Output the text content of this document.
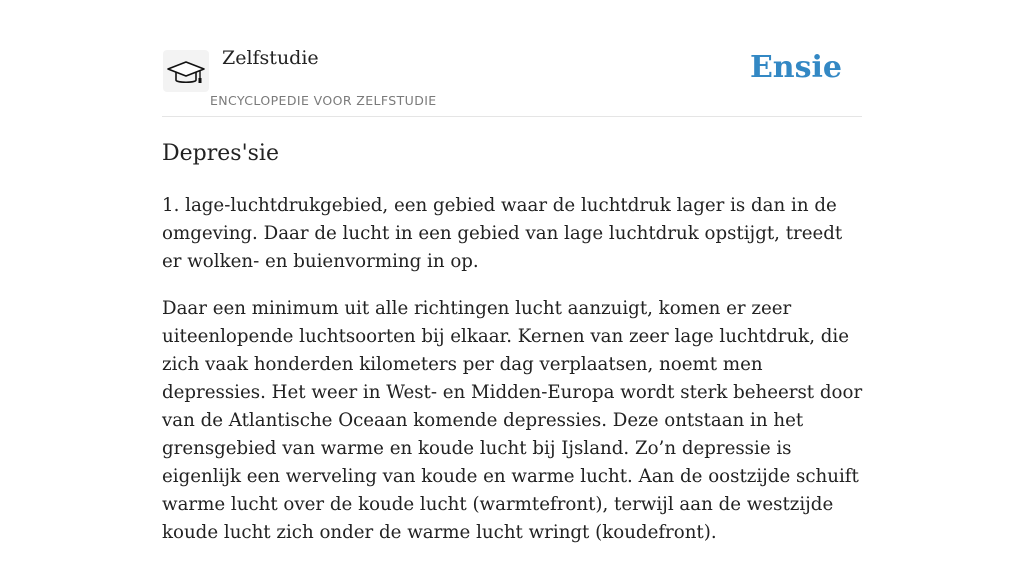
Zelfstudie
ENCYCLOPEDIE VOOR ZELFSTUDIE
Ensie
Depres'sie

1. lage-luchtdrukgebied, een gebied waar de luchtdruk lager is dan in de omgeving. Daar de lucht in een gebied van lage luchtdruk opstijgt, treedt er wolken- en buienvorming in op.

Daar een minimum uit alle richtingen lucht aanzuigt, komen er zeer uiteenlopende luchtsoorten bij elkaar. Kernen van zeer lage luchtdruk, die zich vaak honderden kilometers per dag verplaatsen, noemt men depressies. Het weer in West- en Midden-Europa wordt sterk beheerst door van de Atlantische Oceaan komende depressies. Deze ontstaan in het grensgebied van warme en koude lucht bij Ijsland. Zo’n depressie is eigenlijk een werveling van koude en warme lucht. Aan de oostzijde schuift warme lucht over de koude lucht (warmtefront), terwijl aan de westzijde koude lucht zich onder de warme lucht wringt (koudefront).
